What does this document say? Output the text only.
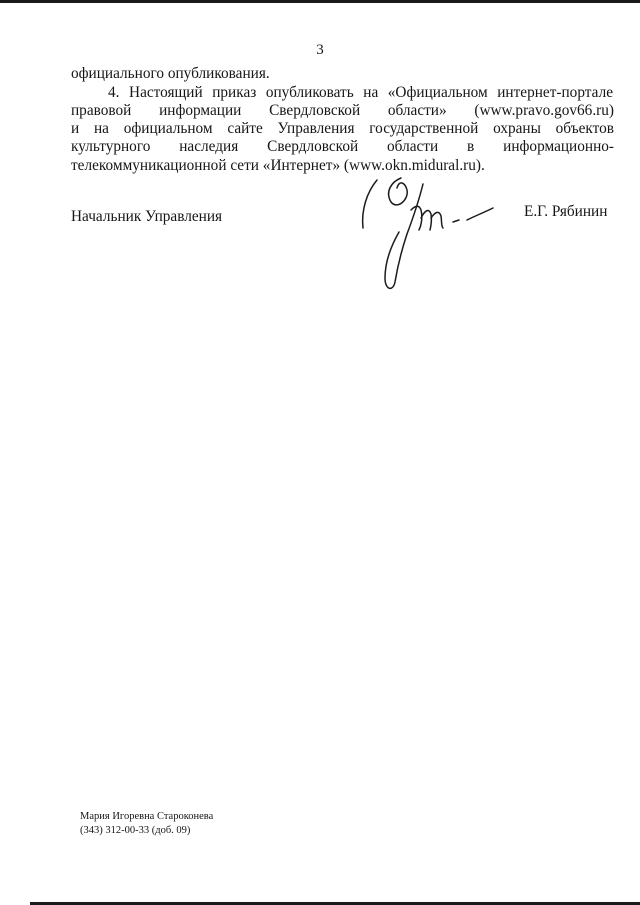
3
официального опубликования.
4. Настоящий приказ опубликовать на «Официальном интернет-портале
правовой информации Свердловской области» (www.pravo.gov66.ru)
и на официальном сайте Управления государственной охраны объектов
культурного наследия Свердловской области в информационно-
телекоммуникационной сети «Интернет» (www.okn.midural.ru).
Начальник Управления	Е.Г. Рябинин
Мария Игоревна Староконева
(343) 312-00-33 (доб. 09)
